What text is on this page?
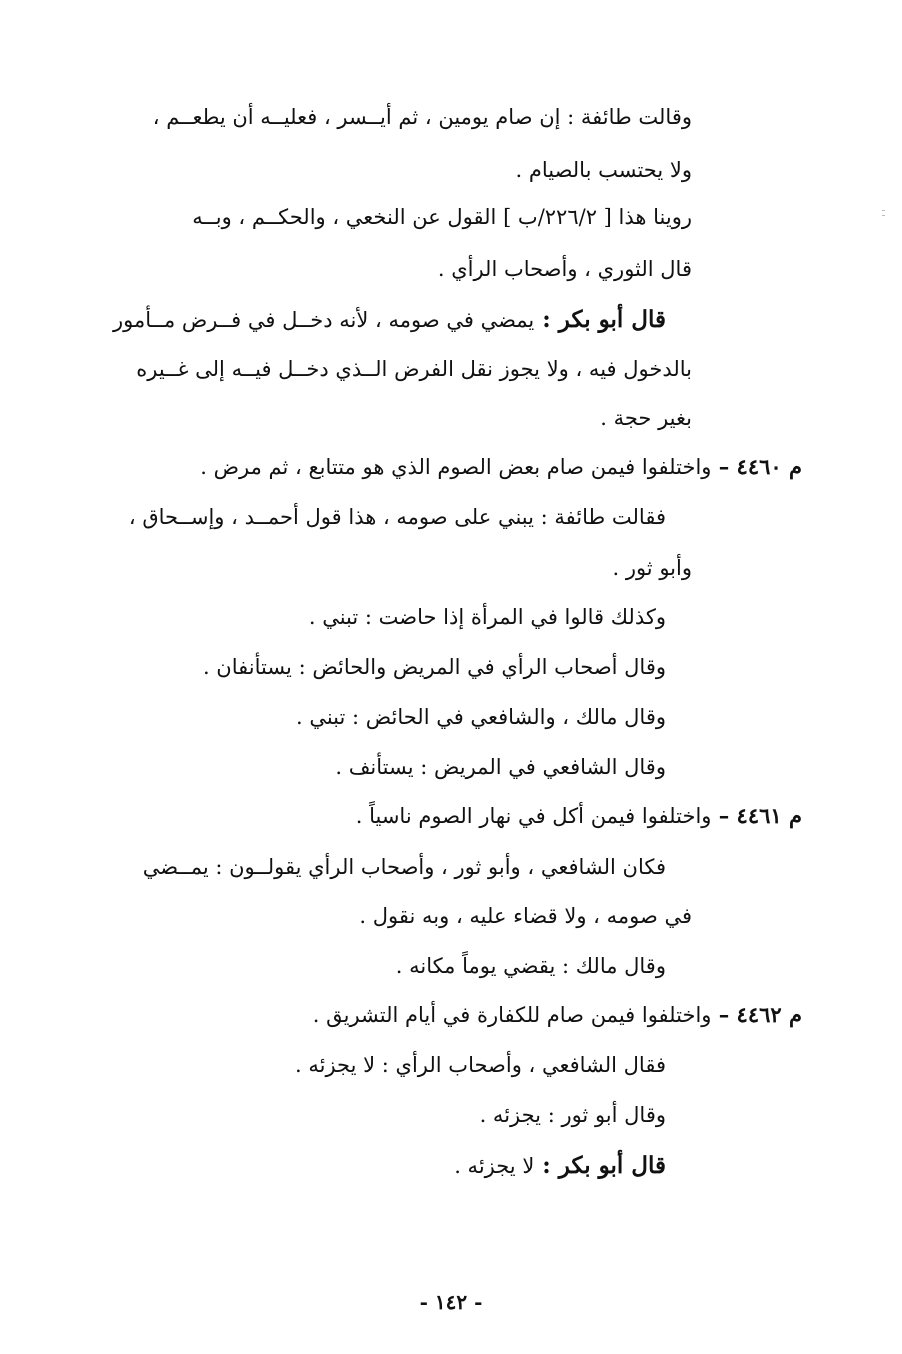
وقالت طائفة : إن صام يومين ، ثم أيــسر ، فعليــه أن يطعــم ،
ولا يحتسب بالصيام .
روينا هذا [ ٢٢٦/٢/ب ] القول عن النخعي ، والحكــم ، وبــه
قال الثوري ، وأصحاب الرأي .
قال أبو بكر : يمضي في صومه ، لأنه دخــل في فــرض مــأمور
بالدخول فيه ، ولا يجوز نقل الفرض الــذي دخــل فيــه إلى غــيره
بغير حجة .
م ٤٤٦٠ – واختلفوا فيمن صام بعض الصوم الذي هو متتابع ، ثم مرض .
فقالت طائفة : يبني على صومه ، هذا قول أحمــد ، وإســحاق ،
وأبو ثور .
وكذلك قالوا في المرأة إذا حاضت : تبني .
وقال أصحاب الرأي في المريض والحائض : يستأنفان .
وقال مالك ، والشافعي في الحائض : تبني .
وقال الشافعي في المريض : يستأنف .
م ٤٤٦١ – واختلفوا فيمن أكل في نهار الصوم ناسياً .
فكان الشافعي ، وأبو ثور ، وأصحاب الرأي يقولــون : يمــضي
في صومه ، ولا قضاء عليه ، وبه نقول .
وقال مالك : يقضي يوماً مكانه .
م ٤٤٦٢ – واختلفوا فيمن صام للكفارة في أيام التشريق .
فقال الشافعي ، وأصحاب الرأي : لا يجزئه .
وقال أبو ثور : يجزئه .
قال أبو بكر : لا يجزئه .
- ١٤٢ -
